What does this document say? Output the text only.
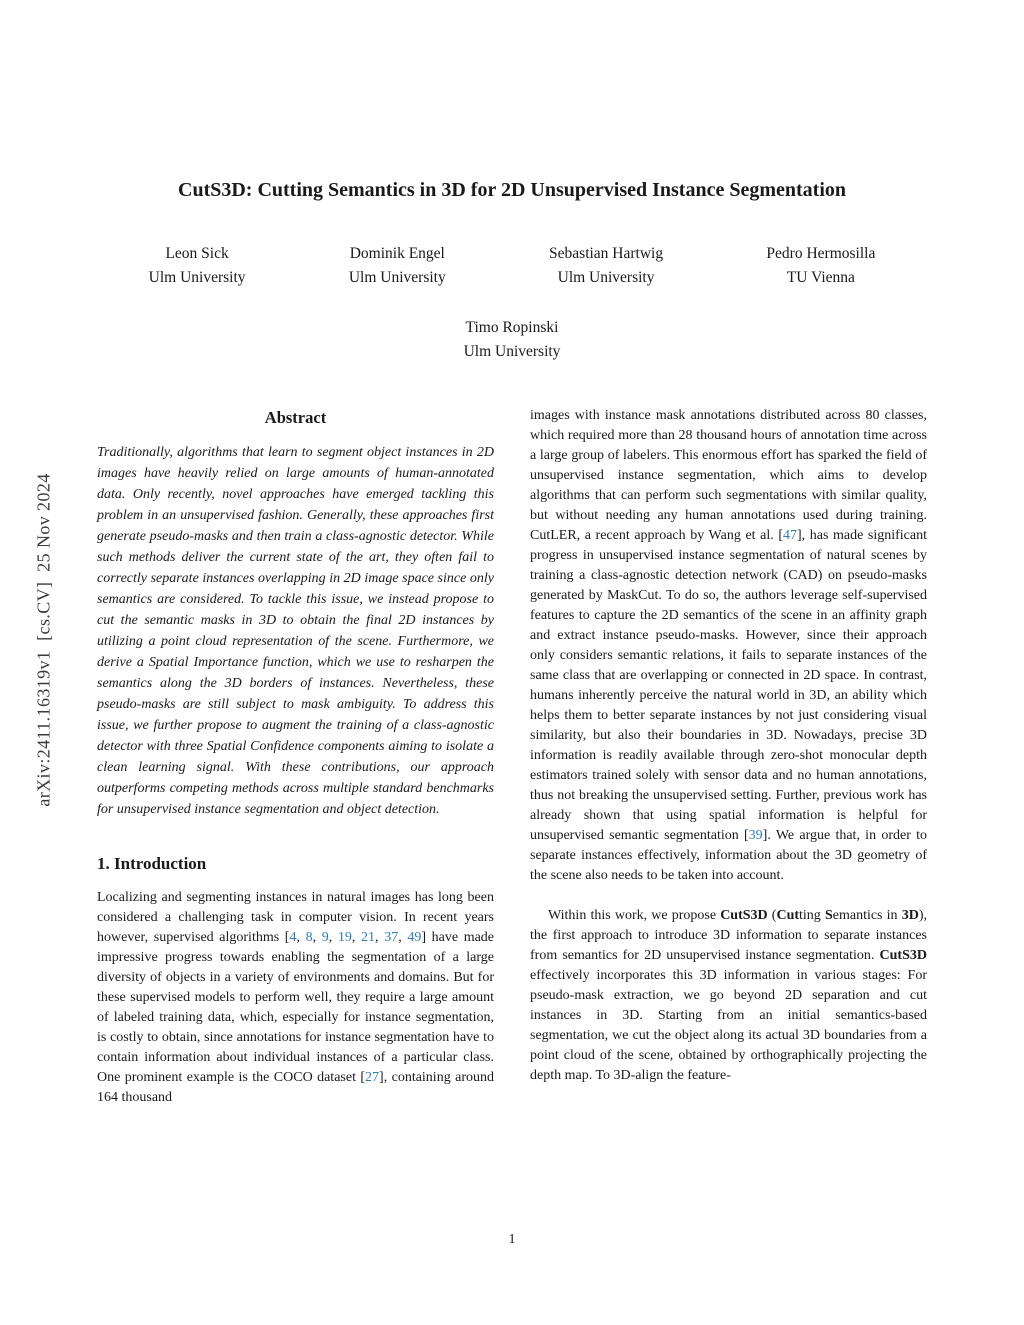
arXiv:2411.16319v1  [cs.CV]  25 Nov 2024
CutS3D: Cutting Semantics in 3D for 2D Unsupervised Instance Segmentation
Leon Sick
Ulm University
Dominik Engel
Ulm University
Sebastian Hartwig
Ulm University
Pedro Hermosilla
TU Vienna
Timo Ropinski
Ulm University
Abstract

Traditionally, algorithms that learn to segment object instances in 2D images have heavily relied on large amounts of human-annotated data. Only recently, novel approaches have emerged tackling this problem in an unsupervised fashion. Generally, these approaches first generate pseudo-masks and then train a class-agnostic detector. While such methods deliver the current state of the art, they often fail to correctly separate instances overlapping in 2D image space since only semantics are considered. To tackle this issue, we instead propose to cut the semantic masks in 3D to obtain the final 2D instances by utilizing a point cloud representation of the scene. Furthermore, we derive a Spatial Importance function, which we use to resharpen the semantics along the 3D borders of instances. Nevertheless, these pseudo-masks are still subject to mask ambiguity. To address this issue, we further propose to augment the training of a class-agnostic detector with three Spatial Confidence components aiming to isolate a clean learning signal. With these contributions, our approach outperforms competing methods across multiple standard benchmarks for unsupervised instance segmentation and object detection.

1. Introduction

Localizing and segmenting instances in natural images has long been considered a challenging task in computer vision. In recent years however, supervised algorithms [4, 8, 9, 19, 21, 37, 49] have made impressive progress towards enabling the segmentation of a large diversity of objects in a variety of environments and domains. But for these supervised models to perform well, they require a large amount of labeled training data, which, especially for instance segmentation, is costly to obtain, since annotations for instance segmentation have to contain information about individual instances of a particular class. One prominent example is the COCO dataset [27], containing around 164 thousand

images with instance mask annotations distributed across 80 classes, which required more than 28 thousand hours of annotation time across a large group of labelers. This enormous effort has sparked the field of unsupervised instance segmentation, which aims to develop algorithms that can perform such segmentations with similar quality, but without needing any human annotations used during training. CutLER, a recent approach by Wang et al. [47], has made significant progress in unsupervised instance segmentation of natural scenes by training a class-agnostic detection network (CAD) on pseudo-masks generated by MaskCut. To do so, the authors leverage self-supervised features to capture the 2D semantics of the scene in an affinity graph and extract instance pseudo-masks. However, since their approach only considers semantic relations, it fails to separate instances of the same class that are overlapping or connected in 2D space. In contrast, humans inherently perceive the natural world in 3D, an ability which helps them to better separate instances by not just considering visual similarity, but also their boundaries in 3D. Nowadays, precise 3D information is readily available through zero-shot monocular depth estimators trained solely with sensor data and no human annotations, thus not breaking the unsupervised setting. Further, previous work has already shown that using spatial information is helpful for unsupervised semantic segmentation [39]. We argue that, in order to separate instances effectively, information about the 3D geometry of the scene also needs to be taken into account.

Within this work, we propose CutS3D (Cutting Semantics in 3D), the first approach to introduce 3D information to separate instances from semantics for 2D unsupervised instance segmentation. CutS3D effectively incorporates this 3D information in various stages: For pseudo-mask extraction, we go beyond 2D separation and cut instances in 3D. Starting from an initial semantics-based segmentation, we cut the object along its actual 3D boundaries from a point cloud of the scene, obtained by orthographically projecting the depth map. To 3D-align the feature-

1
